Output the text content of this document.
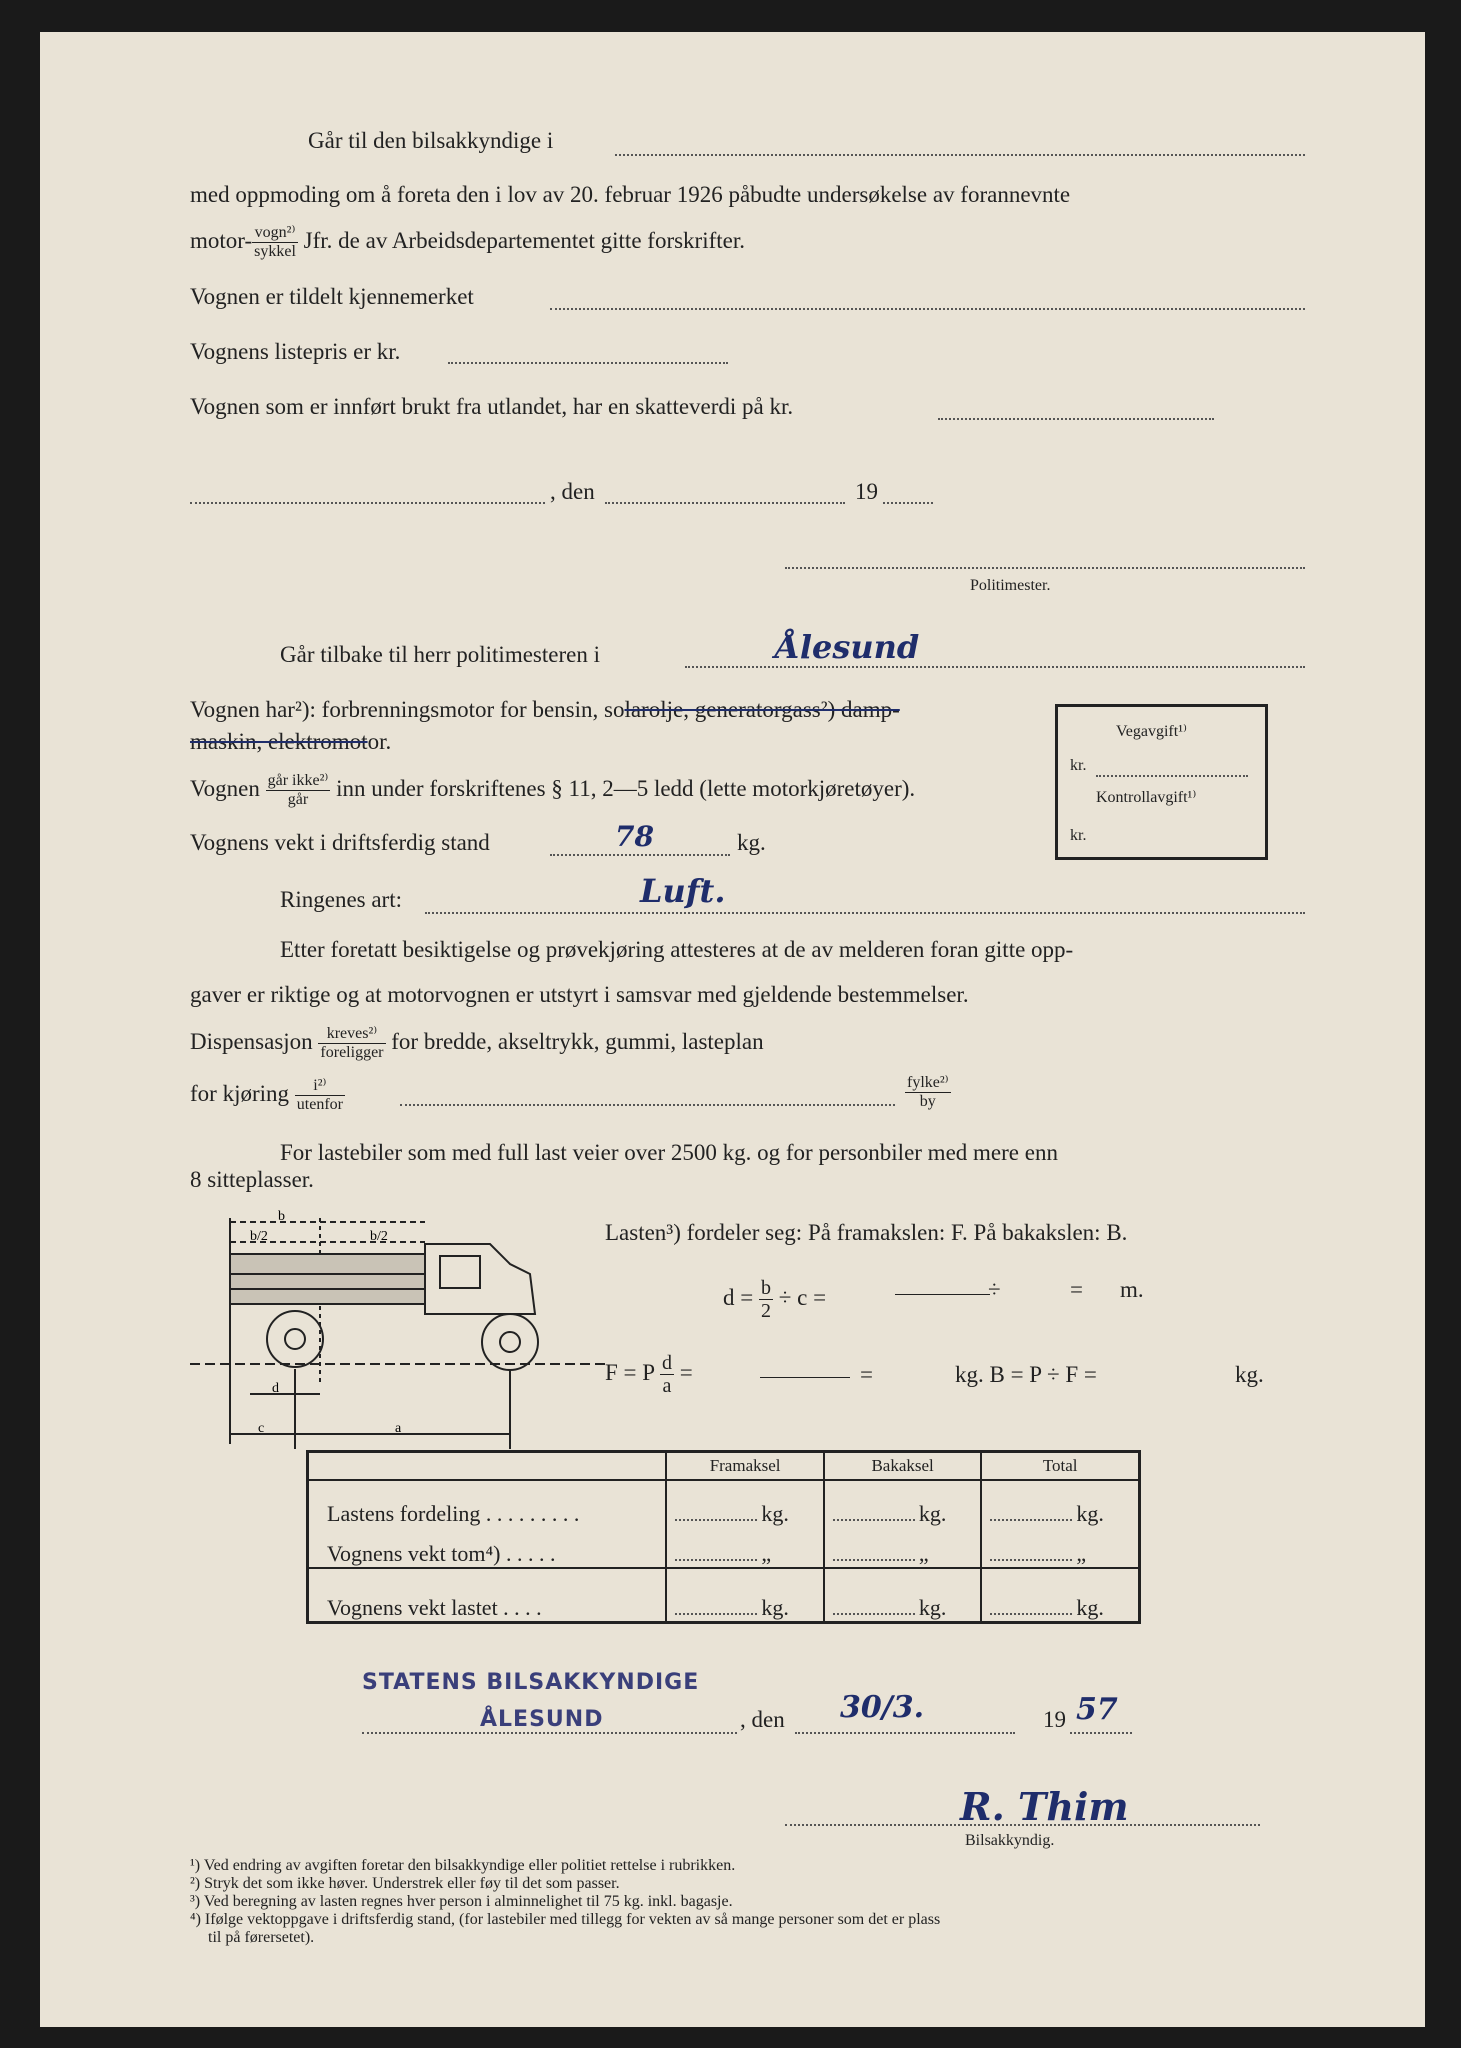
Går til den bilsakkyndige i
med oppmoding om å foreta den i lov av 20. februar 1926 påbudte undersøkelse av forannevnte
motor- $\frac{\text{vogn²⁾}}{\text{sykkel}}$ Jfr. de av Arbeidsdepartementet gitte forskrifter.
Vognen er tildelt kjennemerket
Vognens listepris er kr.
Vognen som er innført brukt fra utlandet, har en skatteverdi på kr.
, den	19
Politimester.
Går tilbake til herr politimesteren i	Ålesund
Vognen har²): forbrenningsmotor for bensin, solarolje, generatorgass²) damp-
maskin, elektromotor.
Vognen $\frac{\text{går ikke²⁾}}{\text{går}}$ inn under forskriftenes § 11, 2—5 ledd (lette motorkjøretøyer).
Vognens vekt i driftsferdig stand	78	kg.
Ringenes art:	Luft.
Etter foretatt besiktigelse og prøvekjøring attesteres at de av melderen foran gitte opp-
gaver er riktige og at motorvognen er utstyrt i samsvar med gjeldende bestemmelser.
Dispensasjon $\frac{\text{kreves²⁾}}{\text{foreligger}}$ for bredde, akseltrykk, gummi, lasteplan
for kjøring $\frac{\text{i²⁾}}{\text{utenfor}}$	$\frac{\text{fylke²⁾}}{by}$
For lastebiler som med full last veier over 2500 kg. og for personbiler med mere enn
8 sitteplasser.
Vegavgift¹⁾
kr.
Kontrollavgift¹⁾
kr.
b
b/2	b/2
d
c	a
Lasten³) fordeler seg: På framakslen: F. På bakakslen: B.
$d = \frac{b}{2} \div c$ =	÷	= m.
F = P $\frac{d}{a}$ =	=	kg. B = P ÷ F =	kg.
	Framaksel	Bakaksel	Total
Lastens fordeling . . . . . . . . .	kg.	kg.	kg.
Vognens vekt tom⁴) . . . . .	„	„	„
Vognens vekt lastet . . . .	kg.	kg.	kg.
STATENS BILSAKKYNDIGE
ÅLESUND	, den 30/3.	19 57
R. Thim
Bilsakkyndig.
¹) Ved endring av avgiften foretar den bilsakkyndige eller politiet rettelse i rubrikken.
²) Stryk det som ikke høver. Understrek eller føy til det som passer.
³) Ved beregning av lasten regnes hver person i alminnelighet til 75 kg. inkl. bagasje.
⁴) Ifølge vektoppgave i driftsferdig stand, (for lastebiler med tillegg for vekten av så mange personer som det er plass
til på førersetet).
